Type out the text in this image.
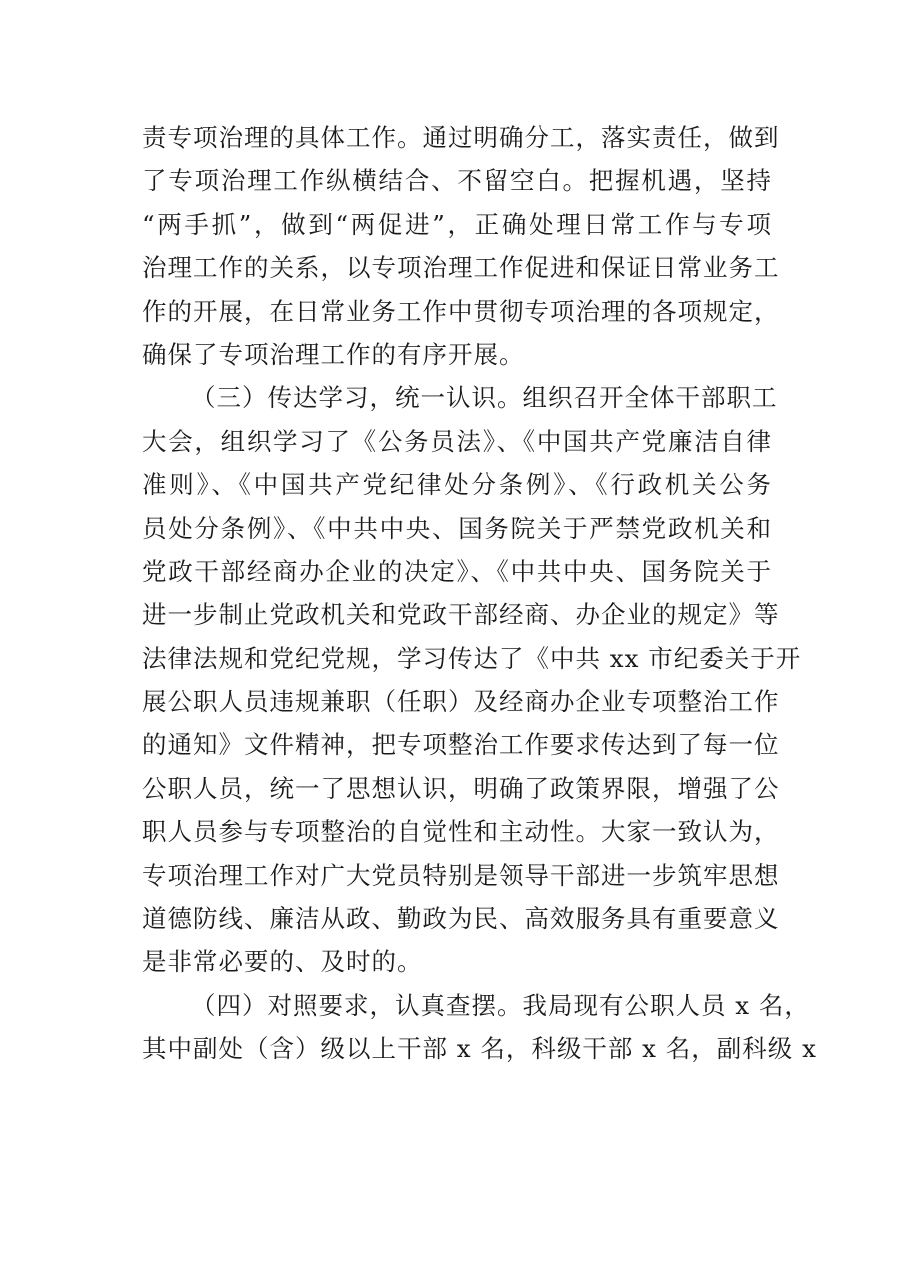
责专项治理的具体工作。通过明确分工，落实责任，做到
了专项治理工作纵横结合、不留空白。把握机遇，坚持
“两手抓”，做到“两促进”，正确处理日常工作与专项
治理工作的关系，以专项治理工作促进和保证日常业务工
作的开展，在日常业务工作中贯彻专项治理的各项规定，
确保了专项治理工作的有序开展。
（三）传达学习，统一认识。组织召开全体干部职工
大会，组织学习了《公务员法》、《中国共产党廉洁自律
准则》、《中国共产党纪律处分条例》、《行政机关公务
员处分条例》、《中共中央、国务院关于严禁党政机关和
党政干部经商办企业的决定》、《中共中央、国务院关于
进一步制止党政机关和党政干部经商、办企业的规定》等
法律法规和党纪党规，学习传达了《中共 xx 市纪委关于开
展公职人员违规兼职（任职）及经商办企业专项整治工作
的通知》文件精神，把专项整治工作要求传达到了每一位
公职人员，统一了思想认识，明确了政策界限，增强了公
职人员参与专项整治的自觉性和主动性。大家一致认为，
专项治理工作对广大党员特别是领导干部进一步筑牢思想
道德防线、廉洁从政、勤政为民、高效服务具有重要意义
是非常必要的、及时的。
（四）对照要求，认真查摆。我局现有公职人员 x 名，
其中副处（含）级以上干部 x 名，科级干部 x 名，副科级 x
